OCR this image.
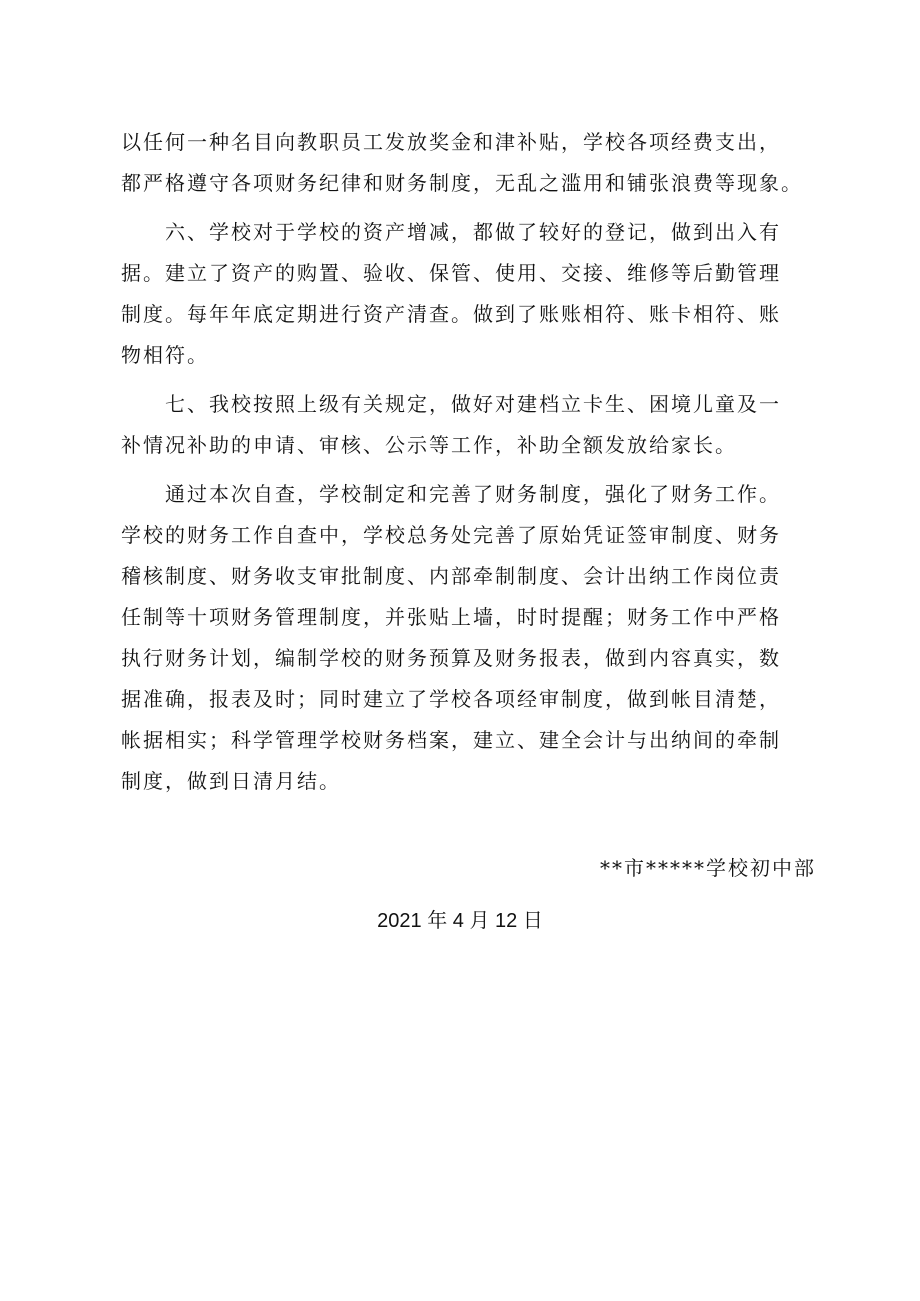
以任何一种名目向教职员工发放奖金和津补贴，学校各项经费支出，
都严格遵守各项财务纪律和财务制度，无乱之滥用和铺张浪费等现象。
　　六、学校对于学校的资产增减，都做了较好的登记，做到出入有
据。建立了资产的购置、验收、保管、使用、交接、维修等后勤管理
制度。每年年底定期进行资产清查。做到了账账相符、账卡相符、账
物相符。
　　七、我校按照上级有关规定，做好对建档立卡生、困境儿童及一
补情况补助的申请、审核、公示等工作，补助全额发放给家长。
　　通过本次自查，学校制定和完善了财务制度，强化了财务工作。
学校的财务工作自查中，学校总务处完善了原始凭证签审制度、财务
稽核制度、财务收支审批制度、内部牵制制度、会计出纳工作岗位责
任制等十项财务管理制度，并张贴上墙，时时提醒；财务工作中严格
执行财务计划，编制学校的财务预算及财务报表，做到内容真实，数
据准确，报表及时；同时建立了学校各项经审制度，做到帐目清楚，
帐据相实；科学管理学校财务档案，建立、建全会计与出纳间的牵制
制度，做到日清月结。
**市*****学校初中部
2021 年 4 月 12 日
